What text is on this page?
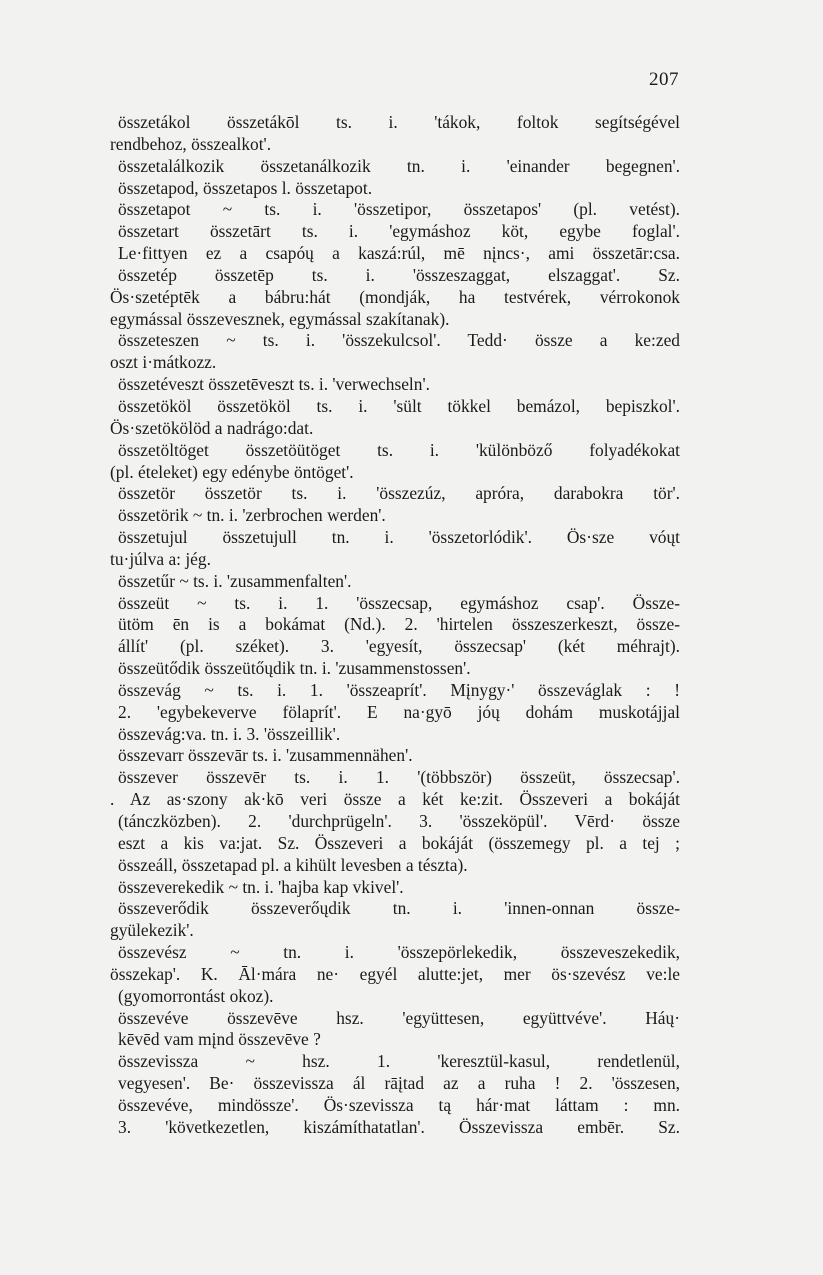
207
összetákol összetákōl ts. i. 'tákok, foltok segítségével
rendbehoz, összealkot'.
összetalálkozik összetanálkozik tn. i. 'einander begegnen'.
összetapod, összetapos l. összetapot.
összetapot ~ ts. i. 'összetipor, összetapos' (pl. vetést).
összetart összetārt ts. i. 'egymáshoz köt, egybe foglal'.
Le·fittyen ez a csapóų a kaszá:rúl, mē nįncs·, ami összetār:csa.
összetép összetēp ts. i. 'összeszaggat, elszaggat'. Sz.
Ös·szetéptēk a bábru:hát (mondják, ha testvérek, vérrokonok
egymással összevesznek, egymással szakítanak).
összeteszen ~ ts. i. 'összekulcsol'. Tedd· össze a ke:zed
oszt i·mátkozz.
összetéveszt összetēveszt ts. i. 'verwechseln'.
összetököl összetököl ts. i. 'sült tökkel bemázol, bepiszkol'.
Ös·szetökölöd a nadrágo:dat.
összetöltöget összetöütöget ts. i. 'különböző folyadékokat
(pl. ételeket) egy edénybe öntöget'.
összetör összetör ts. i. 'összezúz, apróra, darabokra tör'.
összetörik ~ tn. i. 'zerbrochen werden'.
összetujul összetujull tn. i. 'összetorlódik'. Ös·sze vóųt
tu·júlva a: jég.
összetűr ~ ts. i. 'zusammenfalten'.
összeüt ~ ts. i. 1. 'összecsap, egymáshoz csap'. Össze-
ütöm ēn is a bokámat (Nd.). 2. 'hirtelen összeszerkeszt, össze-
állít' (pl. széket). 3. 'egyesít, összecsap' (két méhrajt).
összeütődik összeütőųdik tn. i. 'zusammenstossen'.
összevág ~ ts. i. 1. 'összeaprít'. Mįnygy·' összeváglak : !
2. 'egybekeverve fölaprít'. E na·gyō jóų dohám muskotájjal
összevág:va. tn. i. 3. 'összeillik'.
összevarr összevār ts. i. 'zusammennähen'.
összever összevēr ts. i. 1. '(többször) összeüt, összecsap'.
. Az as·szony ak·kō veri össze a két ke:zit. Összeveri a bokáját
(tánczközben). 2. 'durchprügeln'. 3. 'összeköpül'. Vērd· össze
eszt a kis va:jat. Sz. Összeveri a bokáját (összemegy pl. a tej ;
összeáll, összetapad pl. a kihült levesben a tészta).
összeverekedik ~ tn. i. 'hajba kap vkivel'.
összeverődik összeverőųdik tn. i. 'innen-onnan össze-
gyülekezik'.
összevész ~ tn. i. 'összepörlekedik, összeveszekedik,
összekap'. K. Āl·mára ne· egyél alutte:jet, mer ös·szevész ve:le
(gyomorrontást okoz).
összevéve összevēve hsz. 'együttesen, együttvéve'. Háų·
kēvēd vam mįnd összevēve ?
összevissza ~ hsz. 1. 'keresztül-kasul, rendetlenül,
vegyesen'. Be· összevissza ál rāįtad az a ruha ! 2. 'összesen,
összevéve, mindössze'. Ös·szevissza tą hár·mat láttam : mn.
3. 'következetlen, kiszámíthatatlan'. Összevissza embēr. Sz.
